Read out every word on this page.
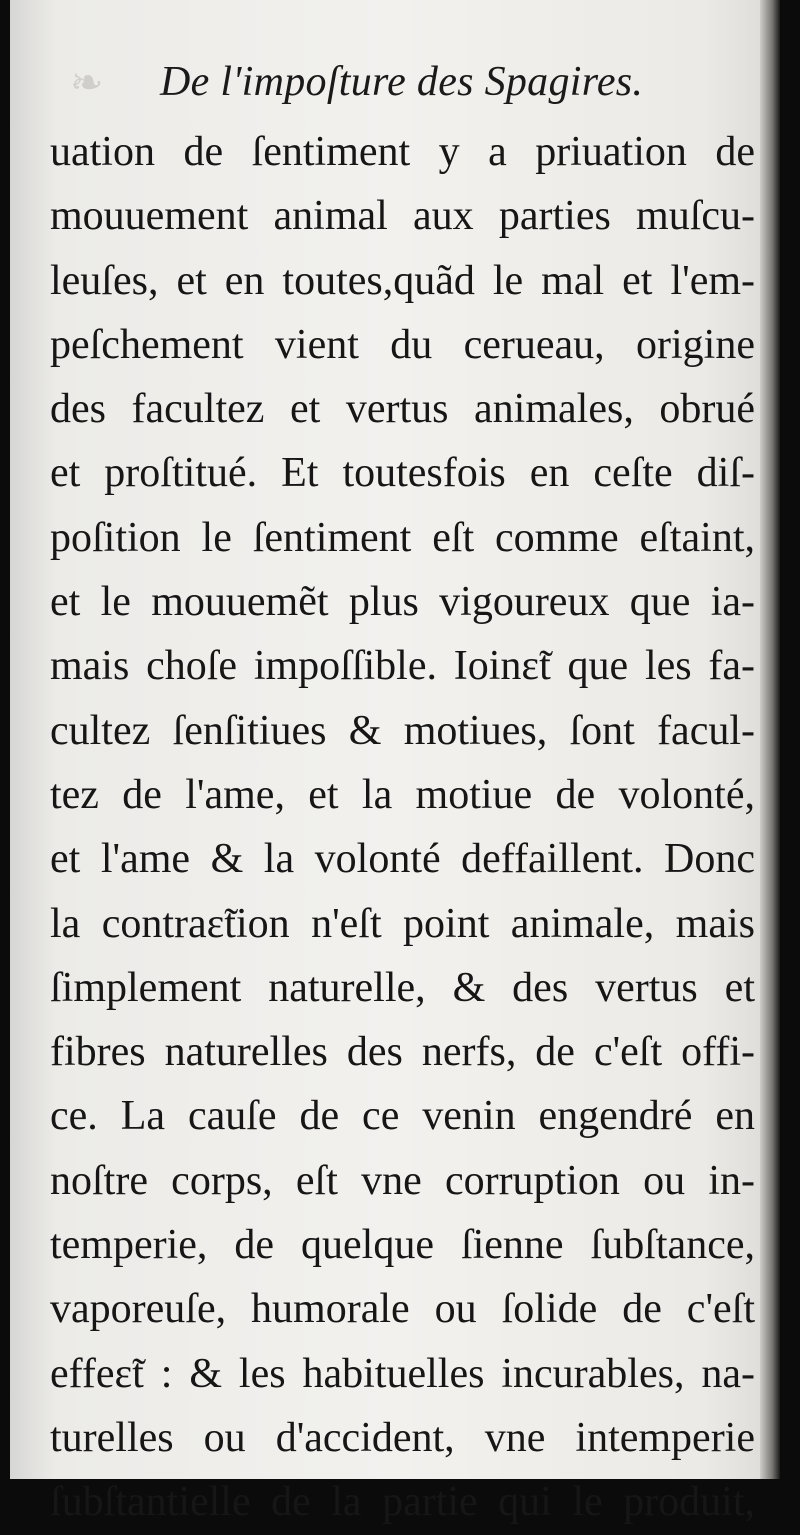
❧ De l'impoſture des Spagires.
uation de ſentiment y a priuation de
mouuement animal aux parties muſcu-
leuſes, et en toutes,quãd le mal et l'em-
peſchement vient du cerueau, origine
des facultez et vertus animales, obrué
et proſtitué. Et toutesfois en ceſte diſ-
poſition le ſentiment eſt comme eſtaint,
et le mouuemẽt plus vigoureux que ia-
mais choſe impoſſible. Ioinɛ̃t que les fa-
cultez ſenſitiues & motiues, ſont facul-
tez de l'ame, et la motiue de volonté,
et l'ame & la volonté deffaillent. Donc
la contraɛ̃tion n'eſt point animale, mais
ſimplement naturelle, & des vertus et
fibres naturelles des nerfs, de c'eſt offi-
ce. La cauſe de ce venin engendré en
noſtre corps, eſt vne corruption ou in-
temperie, de quelque ſienne ſubſtance,
vaporeuſe, humorale ou ſolide de c'eſt
effeɛ̃t : & les habituelles incurables, na-
turelles ou d'accident, vne intemperie
ſubſtantielle de la partie qui le produit,
